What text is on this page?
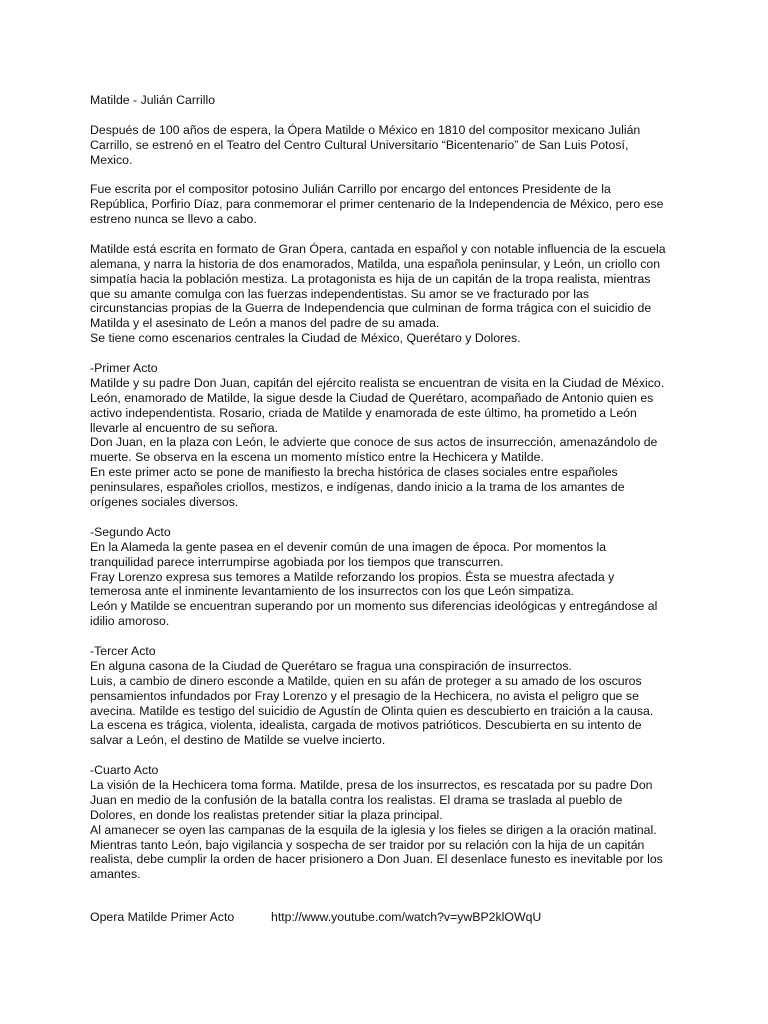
Matilde - Julián Carrillo
Después de 100 años de espera, la Ópera Matilde o México en 1810 del compositor mexicano Julián
Carrillo, se estrenó en el Teatro del Centro Cultural Universitario “Bicentenario” de San Luis Potosí,
Mexico.
Fue escrita por el compositor potosino Julián Carrillo por encargo del entonces Presidente de la
República, Porfirio Díaz, para conmemorar el primer centenario de la Independencia de México, pero ese
estreno nunca se llevo a cabo.
Matilde está escrita en formato de Gran Ópera, cantada en español y con notable influencia de la escuela
alemana, y narra la historia de dos enamorados, Matilda, una española peninsular, y León, un criollo con
simpatía hacia la población mestiza. La protagonista es hija de un capitán de la tropa realista, mientras
que su amante comulga con las fuerzas independentistas. Su amor se ve fracturado por las
circunstancias propias de la Guerra de Independencia que culminan de forma trágica con el suicidio de
Matilda y el asesinato de León a manos del padre de su amada.
Se tiene como escenarios centrales la Ciudad de México, Querétaro y Dolores.
-Primer Acto
Matilde y su padre Don Juan, capitán del ejército realista se encuentran de visita en la Ciudad de México.
León, enamorado de Matilde, la sigue desde la Ciudad de Querétaro, acompañado de Antonio quien es
activo independentista. Rosario, criada de Matilde y enamorada de este último, ha prometido a León
llevarle al encuentro de su señora.
Don Juan, en la plaza con León, le advierte que conoce de sus actos de insurrección, amenazándolo de
muerte. Se observa en la escena un momento místico entre la Hechicera y Matilde.
En este primer acto se pone de manifiesto la brecha histórica de clases sociales entre españoles
peninsulares, españoles criollos, mestizos, e indígenas, dando inicio a la trama de los amantes de
orígenes sociales diversos.
-Segundo Acto
En la Alameda la gente pasea en el devenir común de una imagen de época. Por momentos la
tranquilidad parece interrumpirse agobiada por los tiempos que transcurren.
Fray Lorenzo expresa sus temores a Matilde reforzando los propios. Ésta se muestra afectada y
temerosa ante el inminente levantamiento de los insurrectos con los que León simpatiza.
León y Matilde se encuentran superando por un momento sus diferencias ideológicas y entregándose al
idilio amoroso.
-Tercer Acto
En alguna casona de la Ciudad de Querétaro se fragua una conspiración de insurrectos.
Luis, a cambio de dinero esconde a Matilde, quien en su afán de proteger a su amado de los oscuros
pensamientos infundados por Fray Lorenzo y el presagio de la Hechicera, no avista el peligro que se
avecina. Matilde es testigo del suicidio de Agustín de Olinta quien es descubierto en traición a la causa.
La escena es trágica, violenta, idealista, cargada de motivos patrióticos. Descubierta en su intento de
salvar a León, el destino de Matilde se vuelve incierto.
-Cuarto Acto
La visión de la Hechicera toma forma. Matilde, presa de los insurrectos, es rescatada por su padre Don
Juan en medio de la confusión de la batalla contra los realistas. El drama se traslada al pueblo de
Dolores, en donde los realistas pretender sitiar la plaza principal.
Al amanecer se oyen las campanas de la esquila de la iglesia y los fieles se dirigen a la oración matinal.
Mientras tanto León, bajo vigilancia y sospecha de ser traidor por su relación con la hija de un capitán
realista, debe cumplir la orden de hacer prisionero a Don Juan. El desenlace funesto es inevitable por los
amantes.
Opera Matilde Primer Acto	http://www.youtube.com/watch?v=ywBP2klOWqU
